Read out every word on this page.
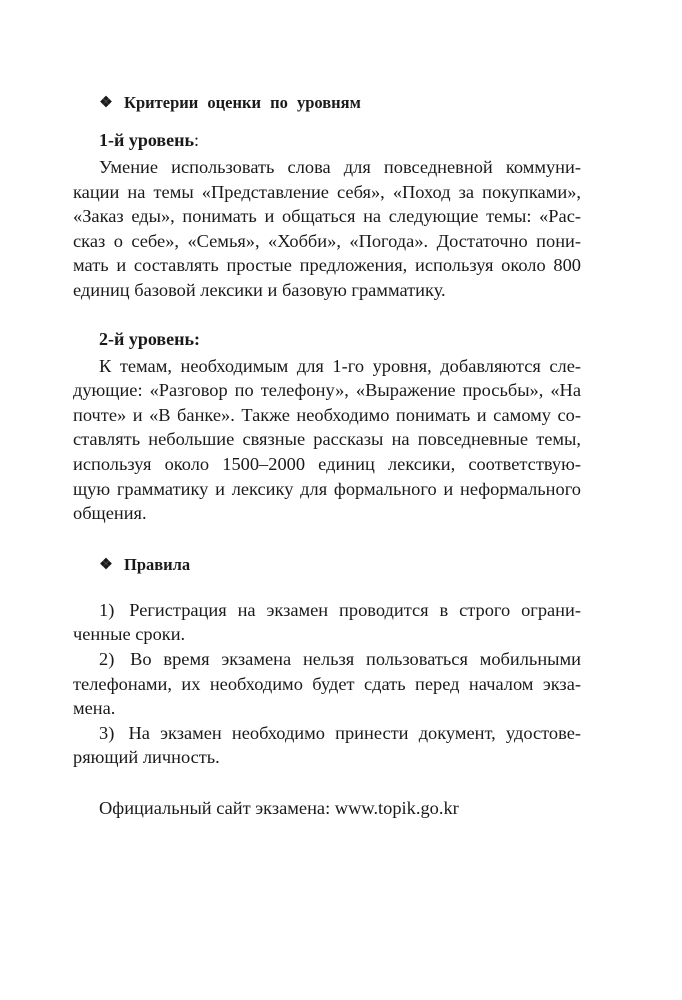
❖ Критерии оценки по уровням

1-й уровень:

Умение использовать слова для повседневной коммуни-
кации на темы «Представление себя», «Поход за покупками»,
«Заказ еды», понимать и общаться на следующие темы: «Рас-
сказ о себе», «Семья», «Хобби», «Погода». Достаточно пони-
мать и составлять простые предложения, используя около 800
единиц базовой лексики и базовую грамматику.

2-й уровень:

К темам, необходимым для 1-го уровня, добавляются сле-
дующие: «Разговор по телефону», «Выражение просьбы», «На
почте» и «В банке». Также необходимо понимать и самому со-
ставлять небольшие связные рассказы на повседневные темы,
используя около 1500–2000 единиц лексики, соответствую-
щую грамматику и лексику для формального и неформального
общения.
❖ Правила
1) Регистрация на экзамен проводится в строго ограни-
ченные сроки.
2) Во время экзамена нельзя пользоваться мобильными
телефонами, их необходимо будет сдать перед началом экза-
мена.
3) На экзамен необходимо принести документ, удостове-
ряющий личность.

Официальный сайт экзамена: www.topik.go.kr
